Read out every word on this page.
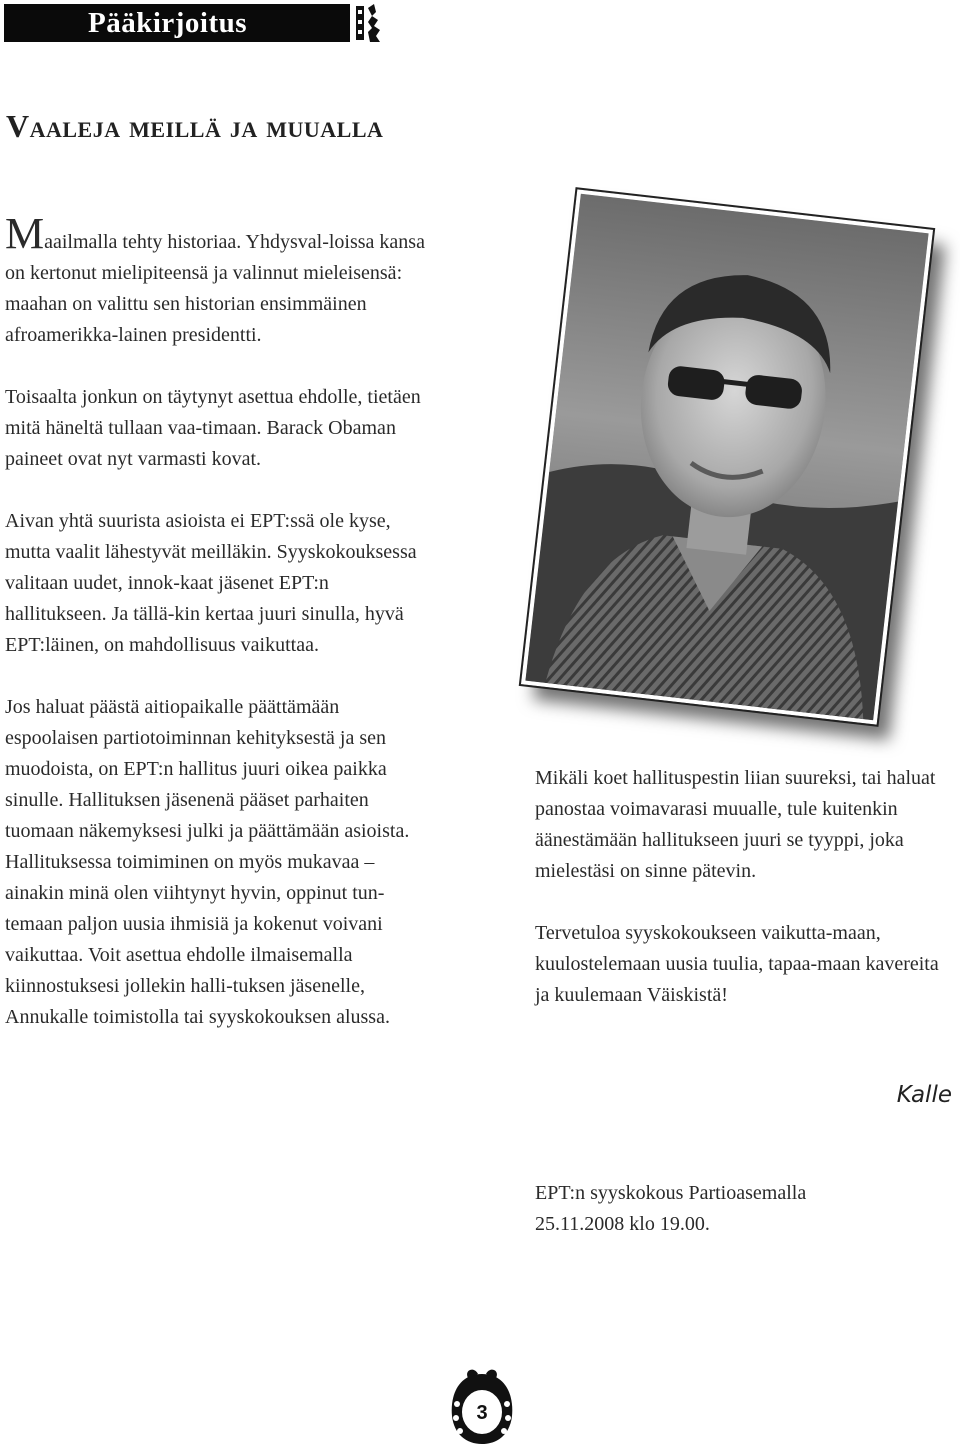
Pääkirjoitus
Vaaleja meillä ja muualla

Maailmalla tehty historiaa. Yhdysval-loissa kansa on kertonut mielipiteensä ja valinnut mieleisensä: maahan on valittu sen historian ensimmäinen afroamerikka-lainen presidentti.

Toisaalta jonkun on täytynyt asettua ehdolle, tietäen mitä häneltä tullaan vaa-timaan. Barack Obaman paineet ovat nyt varmasti kovat.

Aivan yhtä suurista asioista ei EPT:ssä ole kyse, mutta vaalit lähestyvät meilläkin. Syyskokouksessa valitaan uudet, innok-kaat jäsenet EPT:n hallitukseen. Ja tällä-kin kertaa juuri sinulla, hyvä EPT:läinen, on mahdollisuus vaikuttaa.

Jos haluat päästä aitiopaikalle päättämään espoolaisen partiotoiminnan kehityksestä ja sen muodoista, on EPT:n hallitus juuri oikea paikka sinulle. Hallituksen jäsenenä pääset parhaiten tuomaan näkemyksesi julki ja päättämään asioista. Hallituksessa toimiminen on myös mukavaa – ainakin minä olen viihtynyt hyvin, oppinut tun-temaan paljon uusia ihmisiä ja kokenut voivani vaikuttaa. Voit asettua ehdolle ilmaisemalla kiinnostuksesi jollekin halli-tuksen jäsenelle, Annukalle toimistolla tai syyskokouksen alussa.

Mikäli koet hallituspestin liian suureksi, tai haluat panostaa voimavarasi muualle, tule kuitenkin äänestämään hallitukseen juuri se tyyppi, joka mielestäsi on sinne pätevin.

Tervetuloa syyskokoukseen vaikutta-maan, kuulostelemaan uusia tuulia, tapaa-maan kavereita ja kuulemaan Väiskistä!

Kalle
EPT:n syyskokous Partioasemalla
25.11.2008 klo 19.00.
3
